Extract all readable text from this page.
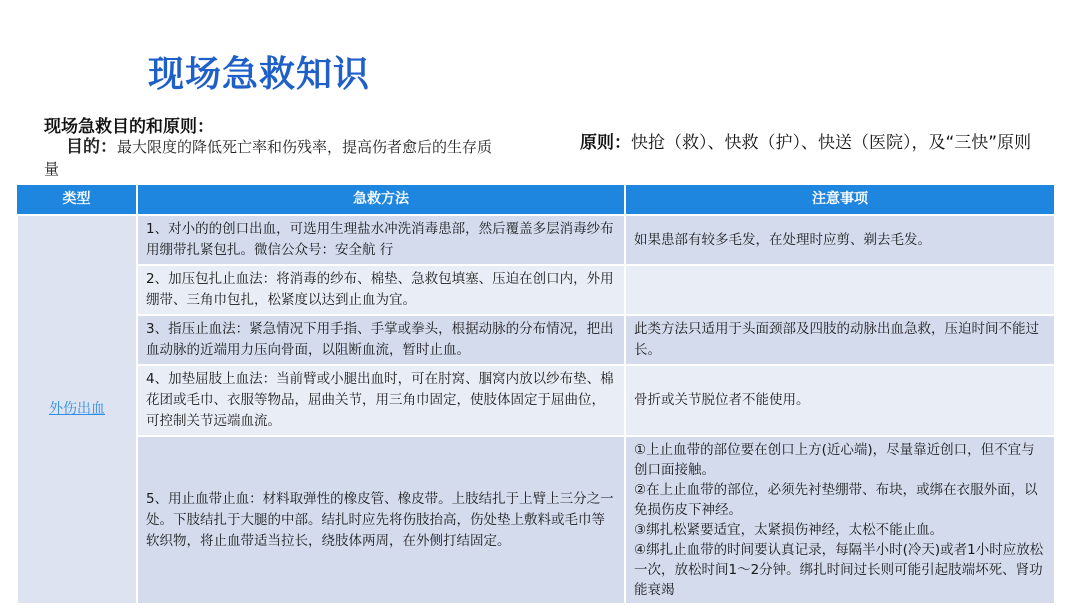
现场急救知识
现场急救目的和原则：
目的：最大限度的降低死亡率和伤残率，提高伤者愈后的生存质量
原则：快抢（救）、快救（护）、快送（医院），及“三快”原则
类型	急救方法	注意事项
外伤出血	1、对小的的创口出血，可选用生理盐水冲洗消毒患部，然后覆盖多层消毒纱布用绷带扎紧包扎。微信公众号：安全航 行	如果患部有较多毛发，在处理时应剪、剃去毛发。
	2、加压包扎止血法：将消毒的纱布、棉垫、急救包填塞、压迫在创口内，外用绷带、三角巾包扎，松紧度以达到止血为宜。	
	3、指压止血法：紧急情况下用手指、手掌或拳头，根据动脉的分布情况，把出血动脉的近端用力压向骨面，以阻断血流，暂时止血。	此类方法只适用于头面颈部及四肢的动脉出血急救，压迫时间不能过长。
	4、加垫屈肢上血法：当前臂或小腿出血时，可在肘窝、腘窝内放以纱布垫、棉花团或毛巾、衣服等物品，屈曲关节，用三角巾固定，使肢体固定于屈曲位，可控制关节远端血流。	骨折或关节脱位者不能使用。
	5、用止血带止血：材料取弹性的橡皮管、橡皮带。上肢结扎于上臂上三分之一处。下肢结扎于大腿的中部。结扎时应先将伤肢抬高，伤处垫上敷料或毛巾等软织物，将止血带适当拉长，绕肢体两周，在外侧打结固定。	①上止血带的部位要在创口上方(近心端)，尽量靠近创口，但不宜与创口面接触。
②在上止血带的部位，必须先衬垫绷带、布块，或绑在衣服外面，以免损伤皮下神经。
③绑扎松紧要适宜，太紧损伤神经，太松不能止血。
④绑扎止血带的时间要认真记录，每隔半小时(冷天)或者1小时应放松一次，放松时间1～2分钟。绑扎时间过长则可能引起肢端坏死、肾功能衰竭
